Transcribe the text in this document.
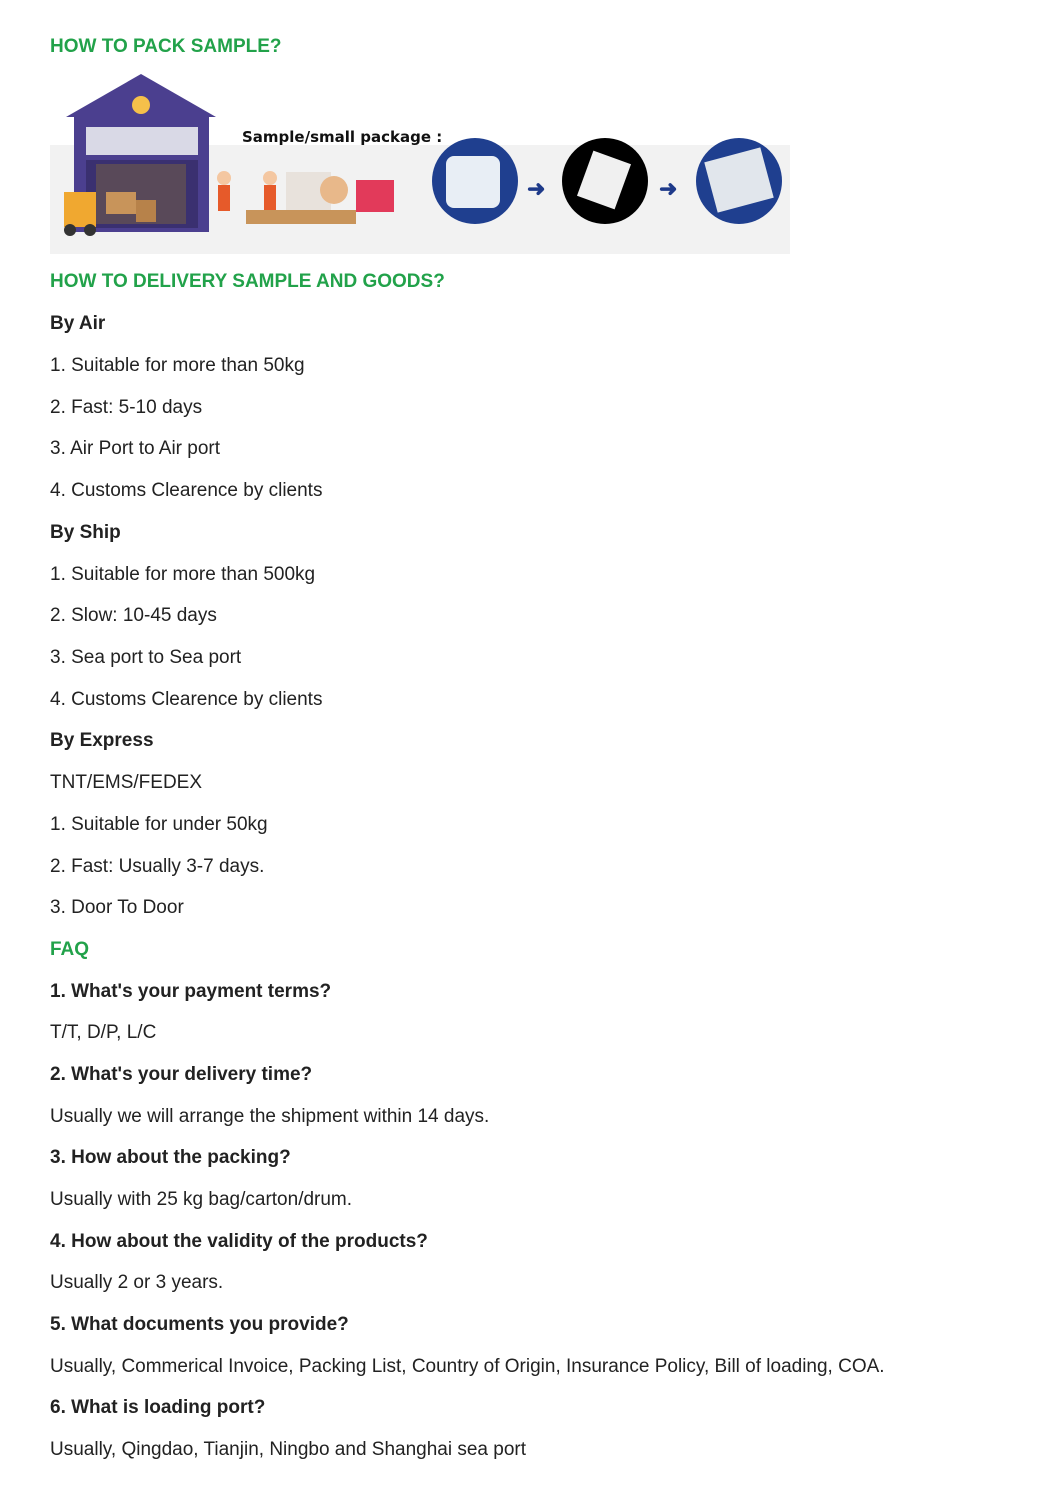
HOW TO PACK SAMPLE?
Sample/small package :
➜	➜
HOW TO DELIVERY SAMPLE AND GOODS?
By Air
1. Suitable for more than 50kg
2. Fast: 5-10 days
3. Air Port to Air port
4. Customs Clearence by clients
By Ship
1. Suitable for more than 500kg
2. Slow: 10-45 days
3. Sea port to Sea port
4. Customs Clearence by clients
By Express
TNT/EMS/FEDEX
1. Suitable for under 50kg
2. Fast: Usually 3-7 days.
3. Door To Door
FAQ
1. What's your payment terms?
T/T, D/P, L/C
2. What's your delivery time?
Usually we will arrange the shipment within 14 days.
3. How about the packing?
Usually with 25 kg bag/carton/drum.
4. How about the validity of the products?
Usually 2 or 3 years.
5. What documents you provide?
Usually, Commerical Invoice, Packing List, Country of Origin, Insurance Policy, Bill of loading, COA.
6. What is loading port?
Usually, Qingdao, Tianjin, Ningbo and Shanghai sea port
